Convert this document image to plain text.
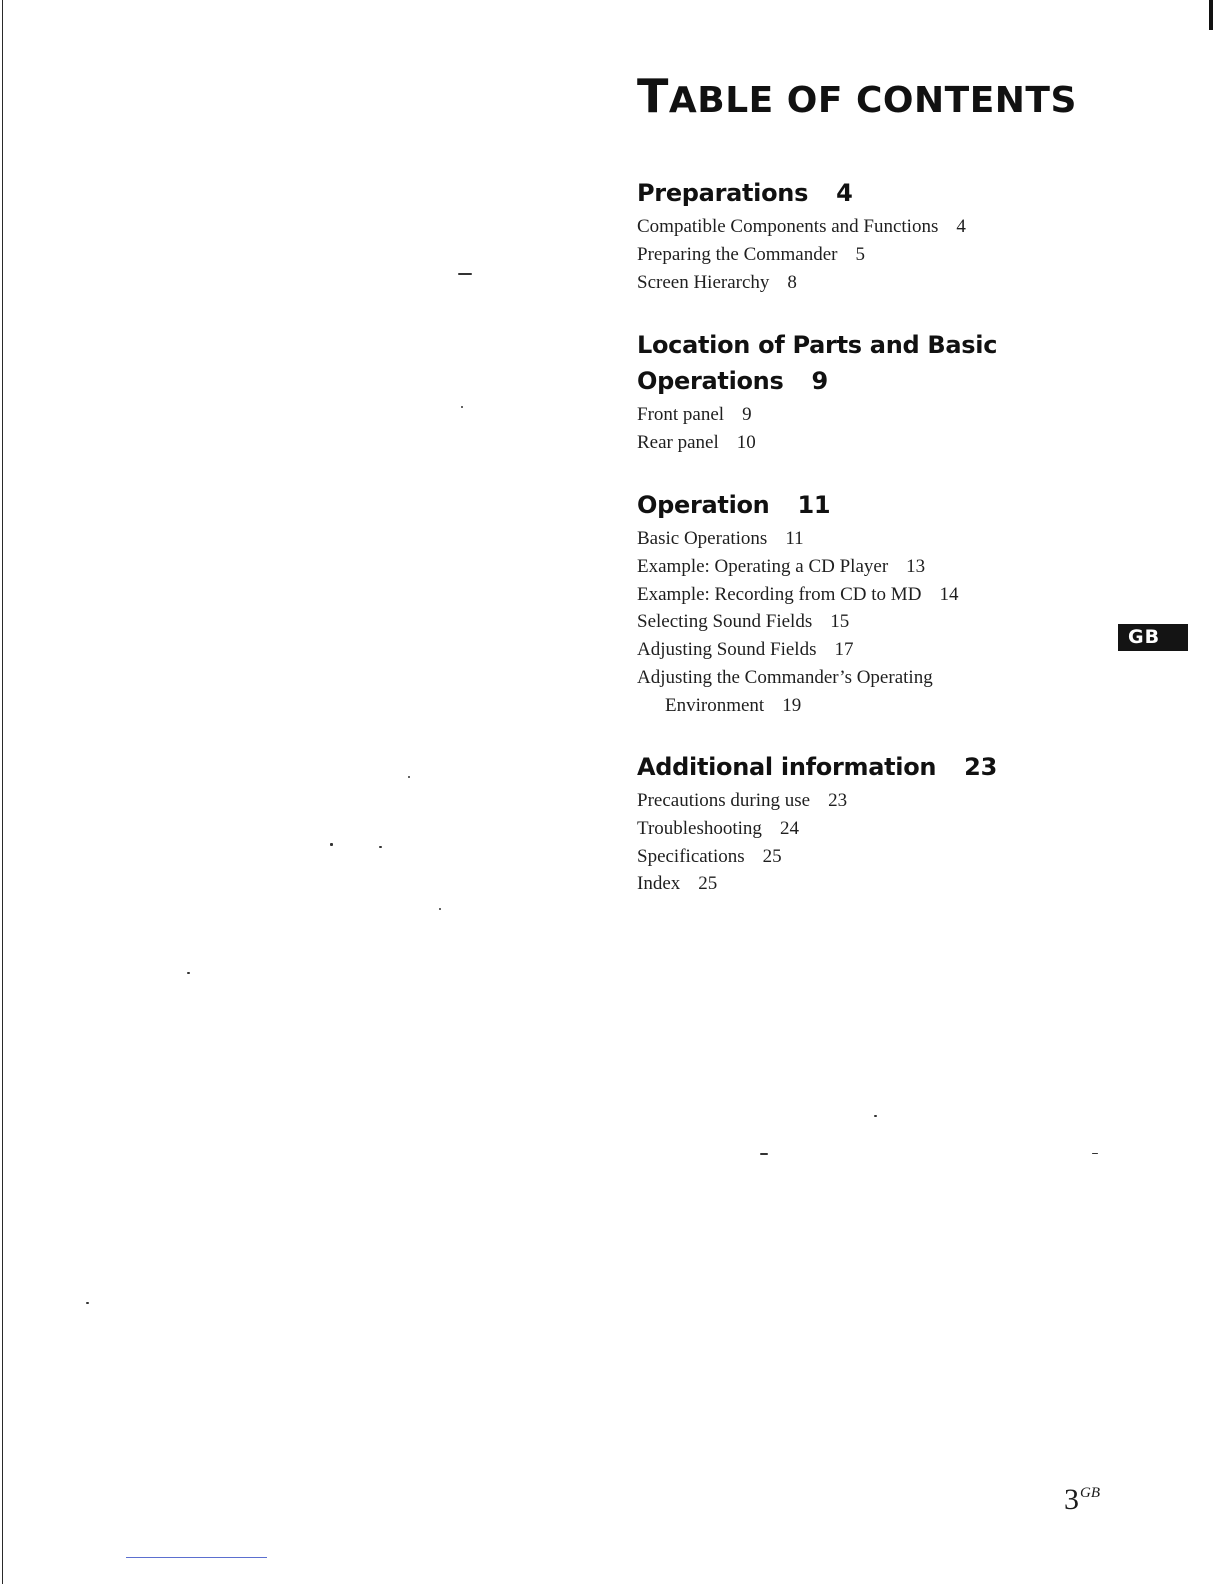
TABLE OF CONTENTS
Preparations 4
Compatible Components and Functions 4
Preparing the Commander 5
Screen Hierarchy 8
Location of Parts and Basic
Operations 9
Front panel 9
Rear panel 10
Operation 11
Basic Operations 11
Example: Operating a CD Player 13
Example: Recording from CD to MD 14
Selecting Sound Fields 15
Adjusting Sound Fields 17
Adjusting the Commander’s Operating
Environment 19
Additional information 23
Precautions during use 23
Troubleshooting 24
Specifications 25
Index 25
GB
$3^{GB}$
